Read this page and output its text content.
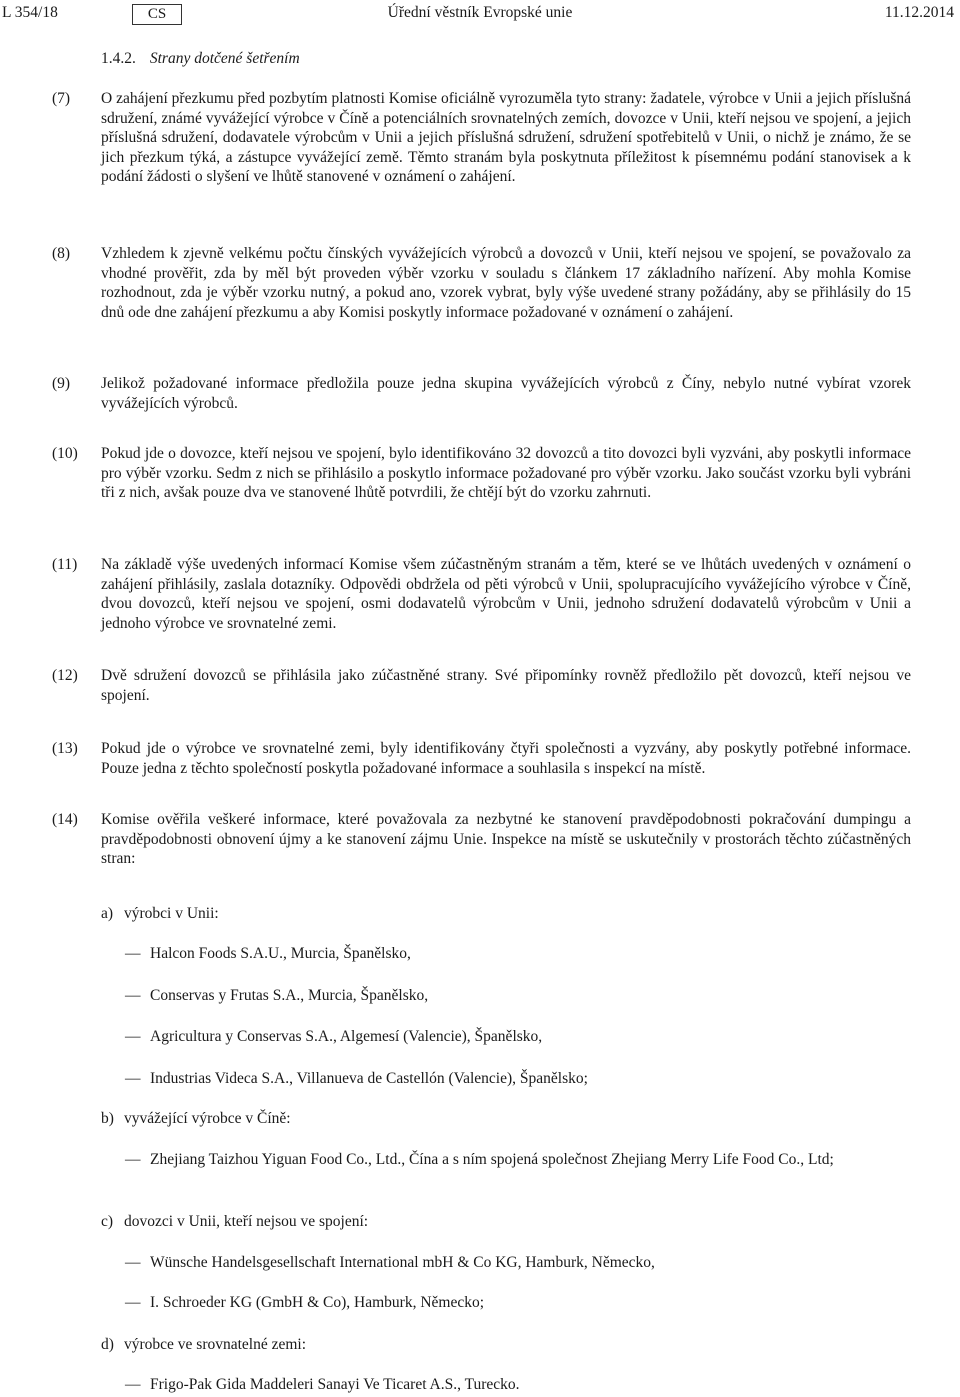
L 354/18	CS	Úřední věstník Evropské unie	11.12.2014
1.4.2. Strany dotčené šetřením
(7) O zahájení přezkumu před pozbytím platnosti Komise oficiálně vyrozuměla tyto strany: žadatele, výrobce v Unii a jejich příslušná sdružení, známé vyvážející výrobce v Číně a potenciálních srovnatelných zemích, dovozce v Unii, kteří nejsou ve spojení, a jejich příslušná sdružení, dodavatele výrobcům v Unii a jejich příslušná sdružení, sdružení spotřebitelů v Unii, o nichž je známo, že se jich přezkum týká, a zástupce vyvážející země. Těmto stranám byla poskytnuta příležitost k písemnému podání stanovisek a k podání žádosti o slyšení ve lhůtě stanovené v oznámení o zahájení.
(8) Vzhledem k zjevně velkému počtu čínských vyvážejících výrobců a dovozců v Unii, kteří nejsou ve spojení, se považovalo za vhodné prověřit, zda by měl být proveden výběr vzorku v souladu s článkem 17 základního nařízení. Aby mohla Komise rozhodnout, zda je výběr vzorku nutný, a pokud ano, vzorek vybrat, byly výše uvedené strany požádány, aby se přihlásily do 15 dnů ode dne zahájení přezkumu a aby Komisi poskytly informace požadované v oznámení o zahájení.
(9) Jelikož požadované informace předložila pouze jedna skupina vyvážejících výrobců z Číny, nebylo nutné vybírat vzorek vyvážejících výrobců.
(10) Pokud jde o dovozce, kteří nejsou ve spojení, bylo identifikováno 32 dovozců a tito dovozci byli vyzváni, aby poskytli informace pro výběr vzorku. Sedm z nich se přihlásilo a poskytlo informace požadované pro výběr vzorku. Jako součást vzorku byli vybráni tři z nich, avšak pouze dva ve stanovené lhůtě potvrdili, že chtějí být do vzorku zahrnuti.
(11) Na základě výše uvedených informací Komise všem zúčastněným stranám a těm, které se ve lhůtách uvedených v oznámení o zahájení přihlásily, zaslala dotazníky. Odpovědi obdržela od pěti výrobců v Unii, spolupracujícího vyvážejícího výrobce v Číně, dvou dovozců, kteří nejsou ve spojení, osmi dodavatelů výrobcům v Unii, jednoho sdružení dodavatelů výrobcům v Unii a jednoho výrobce ve srovnatelné zemi.
(12) Dvě sdružení dovozců se přihlásila jako zúčastněné strany. Své připomínky rovněž předložilo pět dovozců, kteří nejsou ve spojení.
(13) Pokud jde o výrobce ve srovnatelné zemi, byly identifikovány čtyři společnosti a vyzvány, aby poskytly potřebné informace. Pouze jedna z těchto společností poskytla požadované informace a souhlasila s inspekcí na místě.
(14) Komise ověřila veškeré informace, které považovala za nezbytné ke stanovení pravděpodobnosti pokračování dumpingu a pravděpodobnosti obnovení újmy a ke stanovení zájmu Unie. Inspekce na místě se uskutečnily v prostorách těchto zúčastněných stran:
a) výrobci v Unii:
— Halcon Foods S.A.U., Murcia, Španělsko,
— Conservas y Frutas S.A., Murcia, Španělsko,
— Agricultura y Conservas S.A., Algemesí (Valencie), Španělsko,
— Industrias Videca S.A., Villanueva de Castellón (Valencie), Španělsko;
b) vyvážející výrobce v Číně:
— Zhejiang Taizhou Yiguan Food Co., Ltd., Čína a s ním spojená společnost Zhejiang Merry Life Food Co., Ltd;
c) dovozci v Unii, kteří nejsou ve spojení:
— Wünsche Handelsgesellschaft International mbH & Co KG, Hamburk, Německo,
— I. Schroeder KG (GmbH & Co), Hamburk, Německo;
d) výrobce ve srovnatelné zemi:
— Frigo-Pak Gida Maddeleri Sanayi Ve Ticaret A.S., Turecko.
